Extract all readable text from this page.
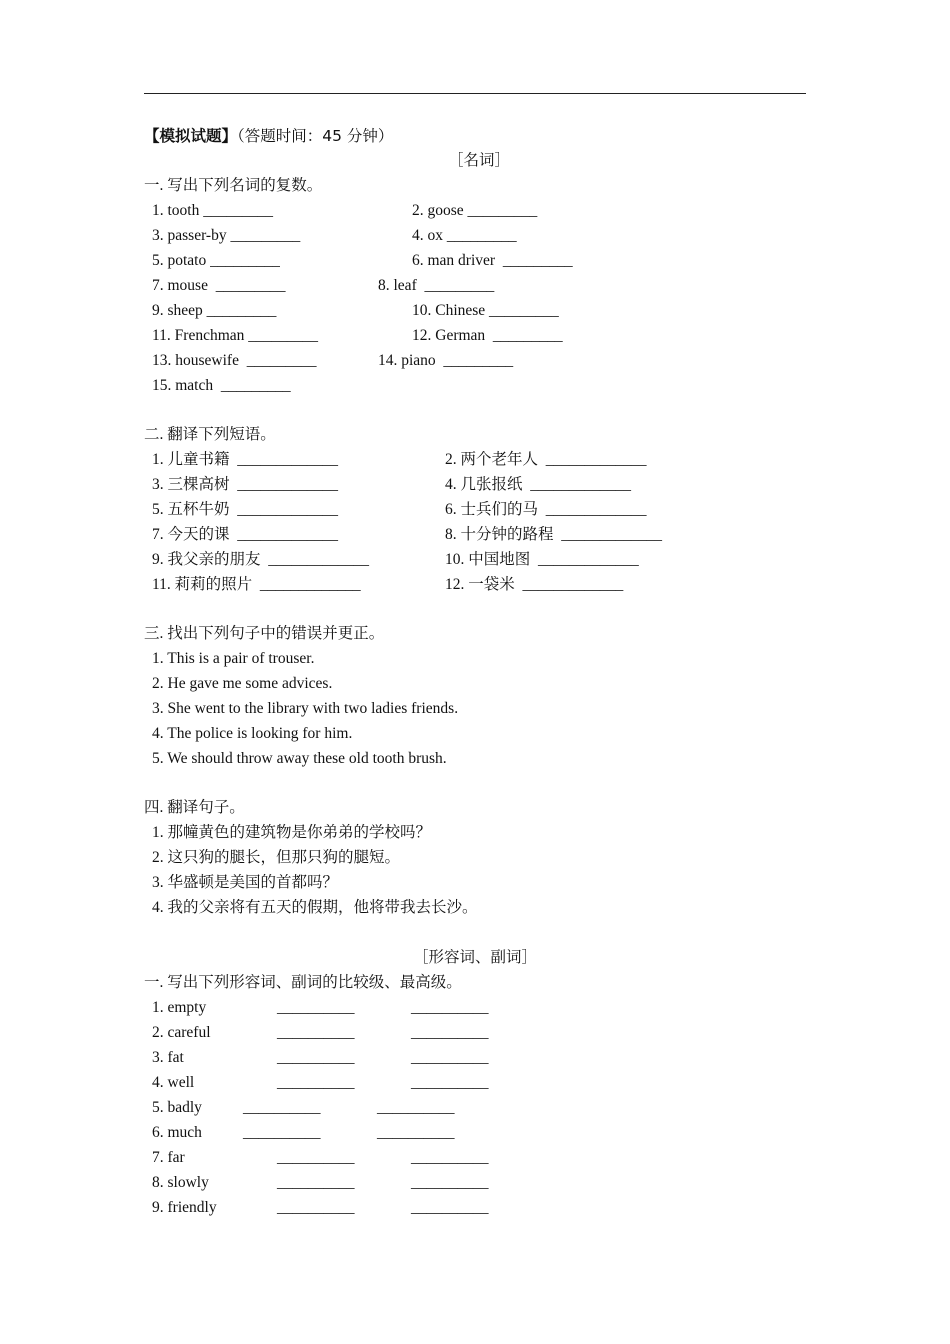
【模拟试题】（答题时间：45 分钟）
［名词］
一. 写出下列名词的复数。
1. tooth _________	2. goose _________
3. passer-by _________	4. ox _________
5. potato _________	6. man driver  _________
7. mouse  _________	8. leaf  _________
9. sheep _________	10. Chinese _________
11. Frenchman _________	12. German  _________
13. housewife  _________	14. piano  _________
15. match  _________
二. 翻译下列短语。
1. 儿童书籍  _____________	2. 两个老年人  _____________
3. 三棵高树  _____________	4. 几张报纸  _____________
5. 五杯牛奶  _____________	6. 士兵们的马  _____________
7. 今天的课  _____________	8. 十分钟的路程  _____________
9. 我父亲的朋友  _____________	10. 中国地图  _____________
11. 莉莉的照片  _____________	12. 一袋米  _____________
三. 找出下列句子中的错误并更正。
1. This is a pair of trouser.
2. He gave me some advices.
3. She went to the library with two ladies friends.
4. The police is looking for him.
5. We should throw away these old tooth brush.
四. 翻译句子。
1. 那幢黄色的建筑物是你弟弟的学校吗？
2. 这只狗的腿长，但那只狗的腿短。
3. 华盛顿是美国的首都吗？
4. 我的父亲将有五天的假期，他将带我去长沙。
［形容词、副词］
一. 写出下列形容词、副词的比较级、最高级。
1. empty	__________	__________
2. careful	__________	__________
3. fat	__________	__________
4. well	__________	__________
5. badly	__________	__________
6. much	__________	__________
7. far	__________	__________
8. slowly	__________	__________
9. friendly	__________	__________
